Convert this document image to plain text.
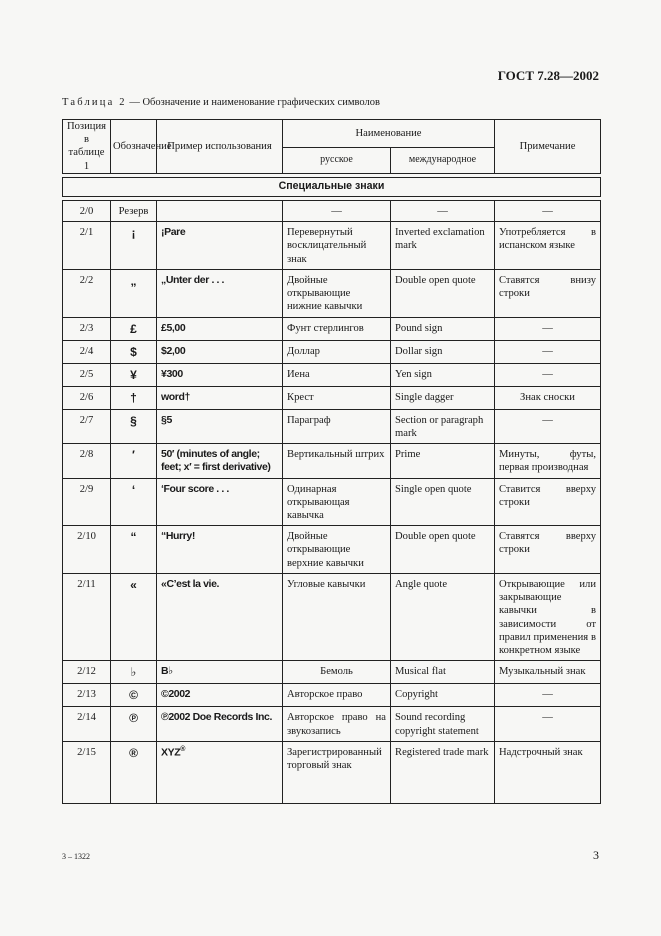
ГОСТ 7.28—2002
Таблица 2 — Обозначение и наименование графических символов
Позиция в таблице 1	Обозначение	Пример использования	Наименование		Примечание
			русское	международное	

Специальные знаки					

2/0	Резерв		—	—	—
2/1	¡	¡Pare	Перевернутый восклицательный знак	Inverted exclamation mark	Употребляется в испанском языке
2/2	„	„Unter der . . .	Двойные открывающие нижние кавычки	Double open quote	Ставятся внизу строки
2/3	£	£5,00	Фунт стерлингов	Pound sign	—
2/4	$	$2,00	Доллар	Dollar sign	—
2/5	¥	¥300	Иена	Yen sign	—
2/6	†	word†	Крест	Single dagger	Знак сноски
2/7	§	§5	Параграф	Section or paragraph mark	—
2/8	′	50′ (minutes of angle; feet; x′ = first derivative)	Вертикальный штрих	Prime	Минуты, футы, первая производная
2/9	‘	‘Four score . . .	Одинарная открывающая кавычка	Single open quote	Ставится вверху строки
2/10	“	“Hurry!	Двойные открывающие верхние кавычки	Double open quote	Ставятся вверху строки
2/11	«	«C’est la vie.	Угловые кавычки	Angle quote	Открывающие или закрывающие кавычки в зависимости от правил применения в конкретном языке
2/12	♭	B♭	Бемоль	Musical flat	Музыкальный знак
2/13	©	©2002	Авторское право	Copyright	—
2/14	℗	℗2002 Doe Records Inc.	Авторское право на звукозапись	Sound recording copyright statement	—
2/15	®	XYZ®	Зарегистрированный торговый знак	Registered trade mark	Надстрочный знак
3 – 1322	3
